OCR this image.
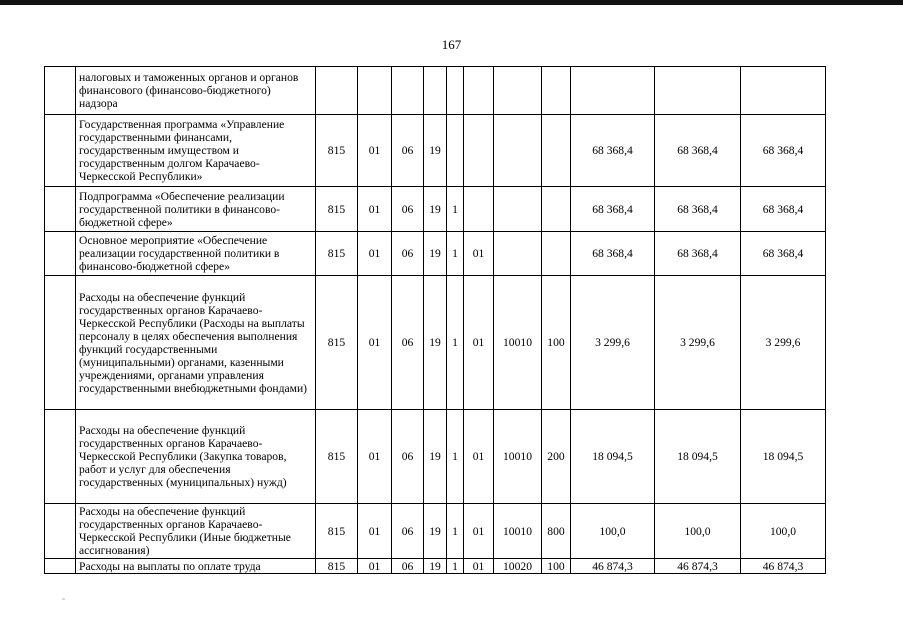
167
	налоговых и таможенных органов и органов финансового (финансово-бюджетного) надзора											
	Государственная программа «Управление государственными финансами, государственным имуществом и государственным долгом Карачаево-Черкесской Республики»	815	01	06	19					68 368,4	68 368,4	68 368,4
	Подпрограмма «Обеспечение реализации государственной политики в финансово-бюджетной сфере»	815	01	06	19	1				68 368,4	68 368,4	68 368,4
	Основное мероприятие «Обеспечение реализации государственной политики в финансово-бюджетной сфере»	815	01	06	19	1	01			68 368,4	68 368,4	68 368,4
	Расходы на обеспечение функций государственных органов Карачаево-Черкесской Республики (Расходы на выплаты персоналу в целях обеспечения выполнения функций государственными (муниципальными) органами, казенными учреждениями, органами управления государственными внебюджетными фондами)	815	01	06	19	1	01	10010	100	3 299,6	3 299,6	3 299,6
	Расходы на обеспечение функций государственных органов Карачаево-Черкесской Республики (Закупка товаров, работ и услуг для обеспечения государственных (муниципальных) нужд)	815	01	06	19	1	01	10010	200	18 094,5	18 094,5	18 094,5
	Расходы на обеспечение функций государственных органов Карачаево-Черкесской Республики (Иные бюджетные ассигнования)	815	01	06	19	1	01	10010	800	100,0	100,0	100,0
	Расходы на выплаты по оплате труда	815	01	06	19	1	01	10020	100	46 874,3	46 874,3	46 874,3
